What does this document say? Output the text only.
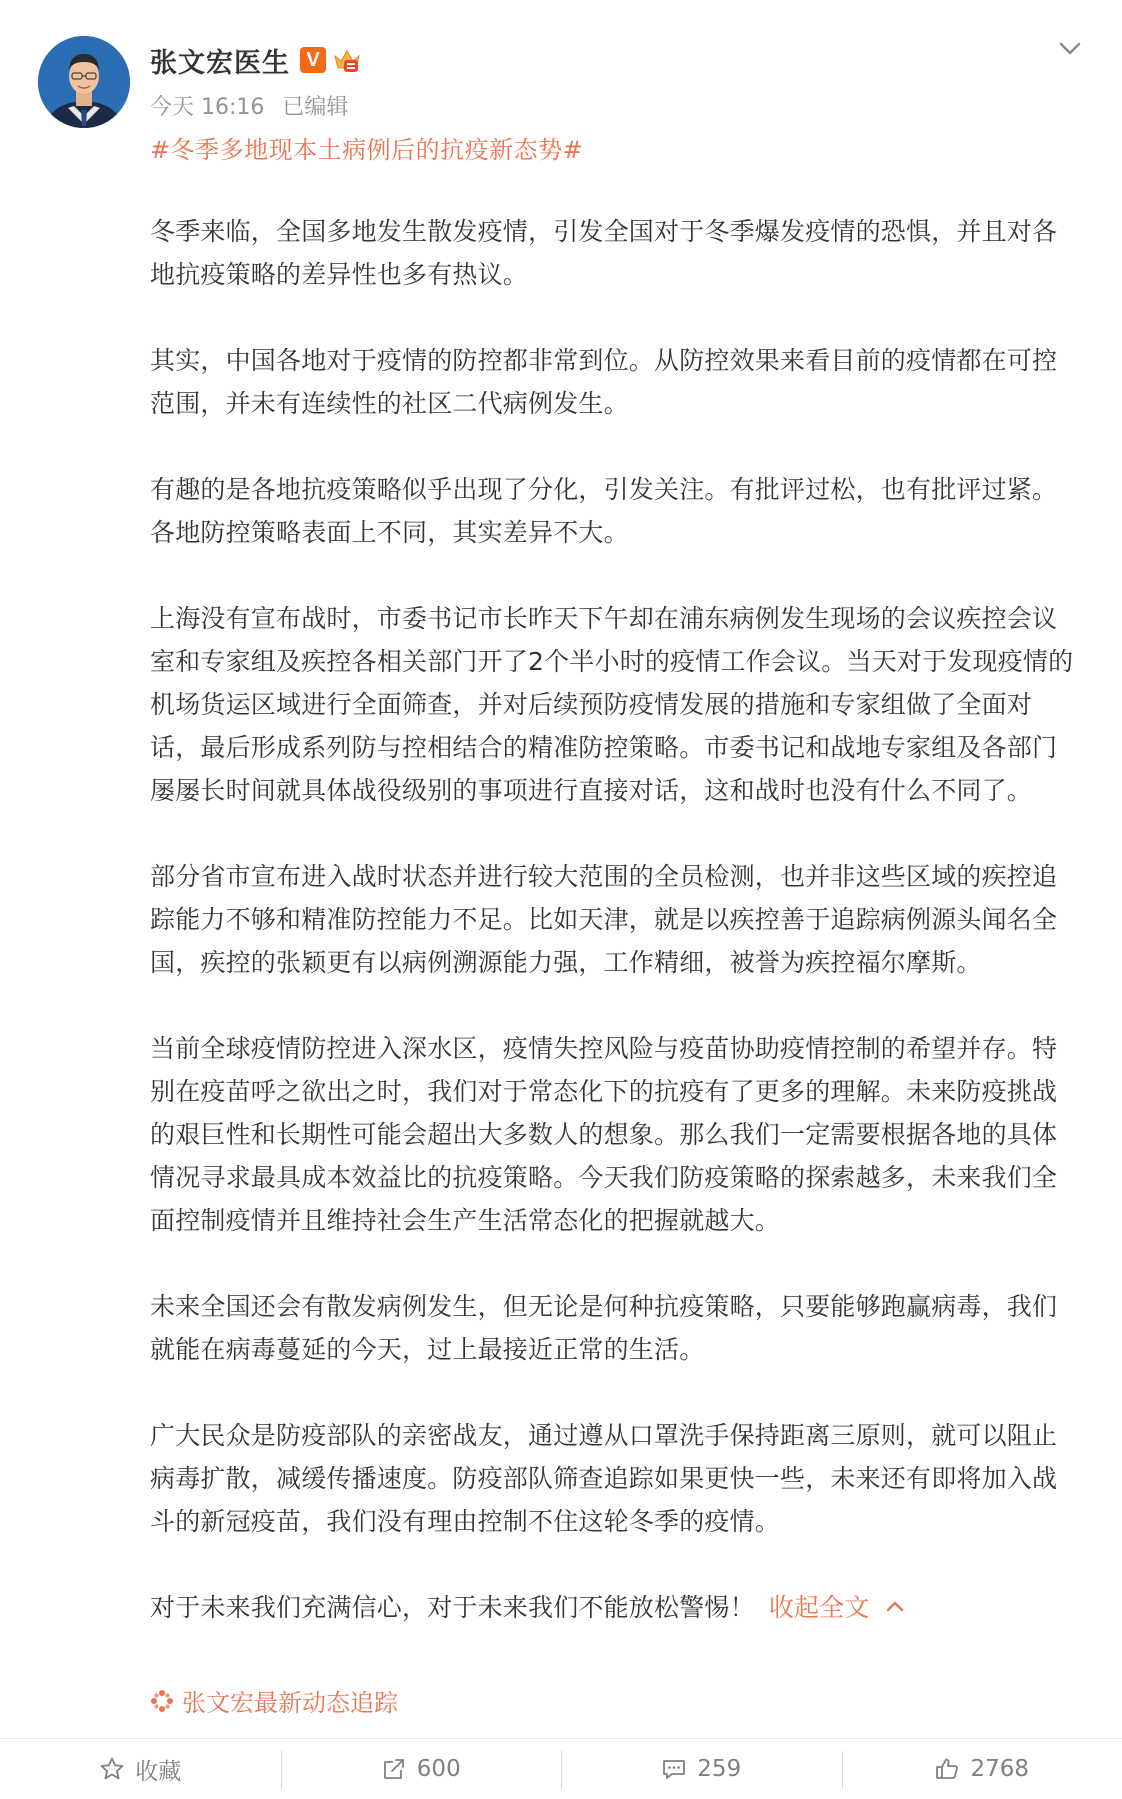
张文宏医生 V
今天 16:16 已编辑
#冬季多地现本土病例后的抗疫新态势#

冬季来临，全国多地发生散发疫情，引发全国对于冬季爆发疫情的恐惧，并且对各地抗疫策略的差异性也多有热议。

其实，中国各地对于疫情的防控都非常到位。从防控效果来看目前的疫情都在可控范围，并未有连续性的社区二代病例发生。

有趣的是各地抗疫策略似乎出现了分化，引发关注。有批评过松，也有批评过紧。各地防控策略表面上不同，其实差异不大。

上海没有宣布战时，市委书记市长昨天下午却在浦东病例发生现场的会议疾控会议室和专家组及疾控各相关部门开了2个半小时的疫情工作会议。当天对于发现疫情的机场货运区域进行全面筛查，并对后续预防疫情发展的措施和专家组做了全面对话，最后形成系列防与控相结合的精准防控策略。市委书记和战地专家组及各部门屡屡长时间就具体战役级别的事项进行直接对话，这和战时也没有什么不同了。

部分省市宣布进入战时状态并进行较大范围的全员检测，也并非这些区域的疾控追踪能力不够和精准防控能力不足。比如天津，就是以疾控善于追踪病例源头闻名全国，疾控的张颖更有以病例溯源能力强，工作精细，被誉为疾控福尔摩斯。

当前全球疫情防控进入深水区，疫情失控风险与疫苗协助疫情控制的希望并存。特别在疫苗呼之欲出之时，我们对于常态化下的抗疫有了更多的理解。未来防疫挑战的艰巨性和长期性可能会超出大多数人的想象。那么我们一定需要根据各地的具体情况寻求最具成本效益比的抗疫策略。今天我们防疫策略的探索越多，未来我们全面控制疫情并且维持社会生产生活常态化的把握就越大。

未来全国还会有散发病例发生，但无论是何种抗疫策略，只要能够跑赢病毒，我们就能在病毒蔓延的今天，过上最接近正常的生活。

广大民众是防疫部队的亲密战友，通过遵从口罩洗手保持距离三原则，就可以阻止病毒扩散，减缓传播速度。防疫部队筛查追踪如果更快一些，未来还有即将加入战斗的新冠疫苗，我们没有理由控制不住这轮冬季的疫情。

对于未来我们充满信心，对于未来我们不能放松警惕！ 收起全文

张文宏最新动态追踪
收藏	600	259	2768
